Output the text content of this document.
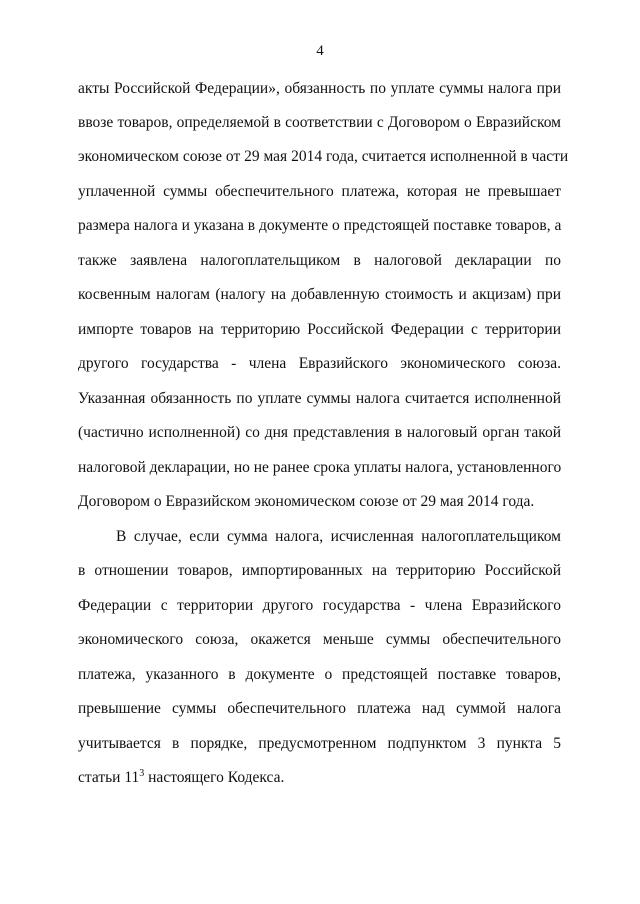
4
акты Российской Федерации», обязанность по уплате суммы налога при
ввозе товаров, определяемой в соответствии с Договором о Евразийском
экономическом союзе от 29 мая 2014 года, считается исполненной в части
уплаченной суммы обеспечительного платежа, которая не превышает
размера налога и указана в документе о предстоящей поставке товаров, а
также заявлена налогоплательщиком в налоговой декларации по
косвенным налогам (налогу на добавленную стоимость и акцизам) при
импорте товаров на территорию Российской Федерации с территории
другого государства - члена Евразийского экономического союза.
Указанная обязанность по уплате суммы налога считается исполненной
(частично исполненной) со дня представления в налоговый орган такой
налоговой декларации, но не ранее срока уплаты налога, установленного
Договором о Евразийском экономическом союзе от 29 мая 2014 года.
В случае, если сумма налога, исчисленная налогоплательщиком
в отношении товаров, импортированных на территорию Российской
Федерации с территории другого государства - члена Евразийского
экономического союза, окажется меньше суммы обеспечительного
платежа, указанного в документе о предстоящей поставке товаров,
превышение суммы обеспечительного платежа над суммой налога
учитывается в порядке, предусмотренном подпунктом 3 пункта 5
статьи $11^3$ настоящего Кодекса.
